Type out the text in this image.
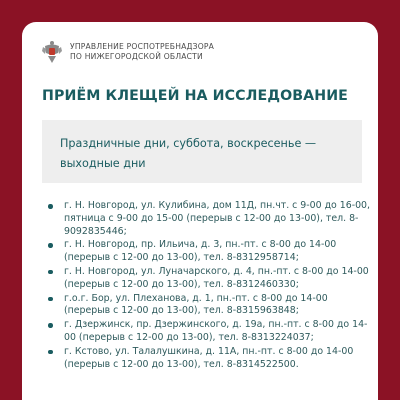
УПРАВЛЕНИЕ РОСПОТРЕБНАДЗОРА
ПО НИЖЕГОРОДСКОЙ ОБЛАСТИ
ПРИЁМ КЛЕЩЕЙ НА ИССЛЕДОВАНИЕ
Праздничные дни, суббота, воскресенье — выходные дни
г. Н. Новгород, ул. Кулибина, дом 11Д, пн.чт. с 9-00 до 16-00, пятница с 9-00 до 15-00 (перерыв с 12-00 до 13-00), тел. 8-9092835446;
г. Н. Новгород, пр. Ильича, д. 3, пн.-пт. с 8-00 до 14-00 (перерыв с 12-00 до 13-00), тел. 8-8312958714;
г. Н. Новгород, ул. Луначарского, д. 4, пн.-пт. с 8-00 до 14-00 (перерыв с 12-00 до 13-00), тел. 8-8312460330;
г.о.г. Бор, ул. Плеханова, д. 1, пн.-пт. с 8-00 до 14-00 (перерыв с 12-00 до 13-00), тел. 8-8315963848;
г. Дзержинск, пр. Дзержинского, д. 19а, пн.-пт. с 8-00 до 14-00 (перерыв с 12-00 до 13-00), тел. 8-8313224037;
г. Кстово, ул. Талалушкина, д. 11А, пн.-пт. с 8-00 до 14-00 (перерыв с 12-00 до 13-00), тел. 8-8314522500.
